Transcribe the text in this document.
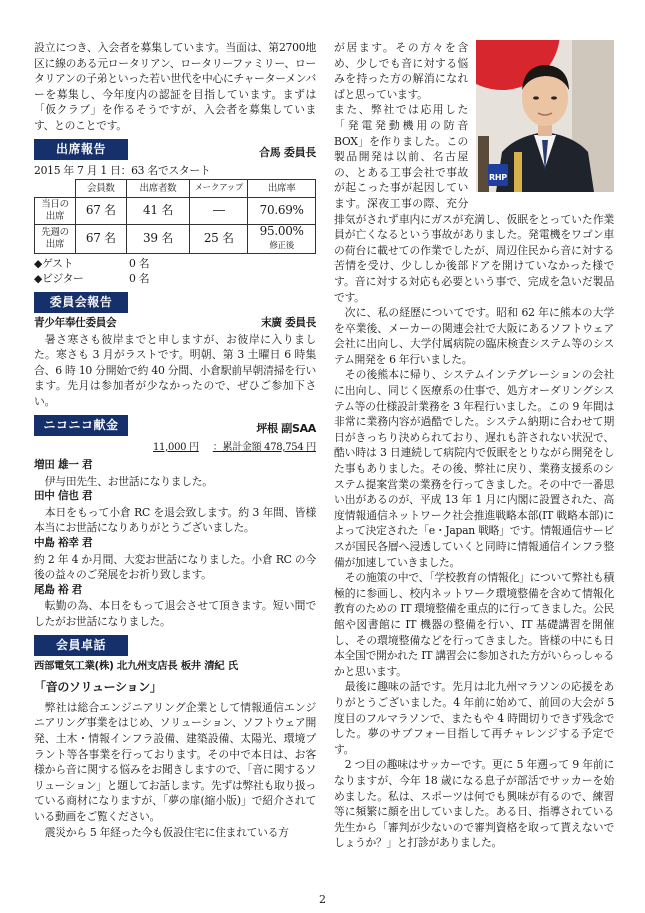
設立につき、入会者を募集しています。当面は、第2700地区に線のある元ロータリアン、ロータリーファミリー、ロータリアンの子弟といった若い世代を中心にチャーターメンバーを募集し、今年度内の認証を目指しています。まずは「仮クラブ」を作るそうですが、入会者を募集しています、とのことです。

出席報告	合馬 委員長
2015 年 7 月 1 日：63 名でスタート
	会員数	出席者数	メークアップ	出席率
当日の
出席	67 名	41 名	―	70.69%
先週の
出席	67 名	39 名	25 名	95.00%
修正後
◆ゲスト	0 名
◆ビジター	0 名
委員会報告
青少年奉仕委員会	末廣 委員長

暑さ寒さも彼岸までと申しますが、お彼岸に入りました。寒さも 3 月がラストです。明朝、第 3 土曜日 6 時集合、6 時 10 分開始で約 40 分間、小倉駅前早朝清掃を行います。先月は参加者が少なかったので、ぜひご参加下さい。

ニコニコ献金	坪根 副SAA
11,000 円 ：累計金額 478,754 円
増田 雄一 君

伊与田先生、お世話になりました。

田中 信也 君

本日をもって小倉 RC を退会致します。約 3 年間、皆様本当にお世話になりありがとうございました。

中島 裕幸 君

約 2 年 4 か月間、大変お世話になりました。小倉 RC の今後の益々のご発展をお祈り致します。

尾島 裕 君

転勤の為、本日をもって退会させて頂きます。短い間でしたがお世話になりました。

会員卓話
西部電気工業(株) 北九州支店長 板井 清紀 氏
「音のソリューション」

弊社は総合エンジニアリング企業として情報通信エンジニアリング事業をはじめ、ソリューション、ソフトウェア開発、土木・情報インフラ設備、建築設備、太陽光、環境プラント等各事業を行っております。その中で本日は、お客様から音に関する悩みをお聞きしますので、「音に関するソリューション」と題してお話します。先ずは弊社も取り扱っている商材になりますが、「夢の扉(縮小版)」で紹介されている動画をご覧ください。

震災から 5 年経った今も仮設住宅に住まれている方

RHP

が居ます。その方々を含め、少しでも音に対する悩みを持った方の解消になればと思っています。

また、弊社では応用した「発電発動機用の防音 BOX」を作りました。この製品開発は以前、名古屋の、とある工事会社で事故が起こった事が起因しています。深夜工事の際、充分排気がされず車内にガスが充満し、仮眠をとっていた作業員が亡くなるという事故がありました。発電機をワゴン車の荷台に載せての作業でしたが、周辺住民から音に対する苦情を受け、少ししか後部ドアを開けていなかった様です。音に対する対応も必要という事で、完成を急いだ製品です。

次に、私の経歴についてです。昭和 62 年に熊本の大学を卒業後、メーカーの関連会社で大阪にあるソフトウェア会社に出向し、大学付属病院の臨床検査システム等のシステム開発を 6 年行いました。

その後熊本に帰り、システムインテグレーションの会社に出向し、同じく医療系の仕事で、処方オーダリングシステム等の仕様設計業務を 3 年程行いました。この 9 年間は非常に業務内容が過酷でした。システム納期に合わせて期日がきっちり決められており、遅れも許されない状況で、酷い時は 3 日連続して病院内で仮眠をとりながら開発をした事もありました。その後、弊社に戻り、業務支援系のシステム提案営業の業務を行ってきました。その中で一番思い出があるのが、平成 13 年 1 月に内閣に設置された、高度情報通信ネットワーク社会推進戦略本部(IT 戦略本部)によって決定された「e・Japan 戦略」です。情報通信サービスが国民各層へ浸透していくと同時に情報通信インフラ整備が加速していきました。

その施策の中で、「学校教育の情報化」について弊社も積極的に参画し、校内ネットワーク環境整備を含めて情報化教育のための IT 環境整備を重点的に行ってきました。公民館や図書館に IT 機器の整備を行い、IT 基礎講習を開催し、その環境整備などを行ってきました。皆様の中にも日本全国で開かれた IT 講習会に参加された方がいらっしゃるかと思います。

最後に趣味の話です。先月は北九州マラソンの応援をありがとうございました。4 年前に始めて、前回の大会が 5 度目のフルマラソンで、またもや 4 時間切りできず残念でした。夢のサブフォー目指して再チャレンジする予定です。

2 つ目の趣味はサッカーです。更に 5 年遡って 9 年前になりますが、今年 18 歳になる息子が部活でサッカーを始めました。私は、スポーツは何でも興味が有るので、練習等に頻繁に顔を出していました。ある日、指導されている先生から「審判が少ないので審判資格を取って貰えないでしょうか？」と打診がありました。

2
